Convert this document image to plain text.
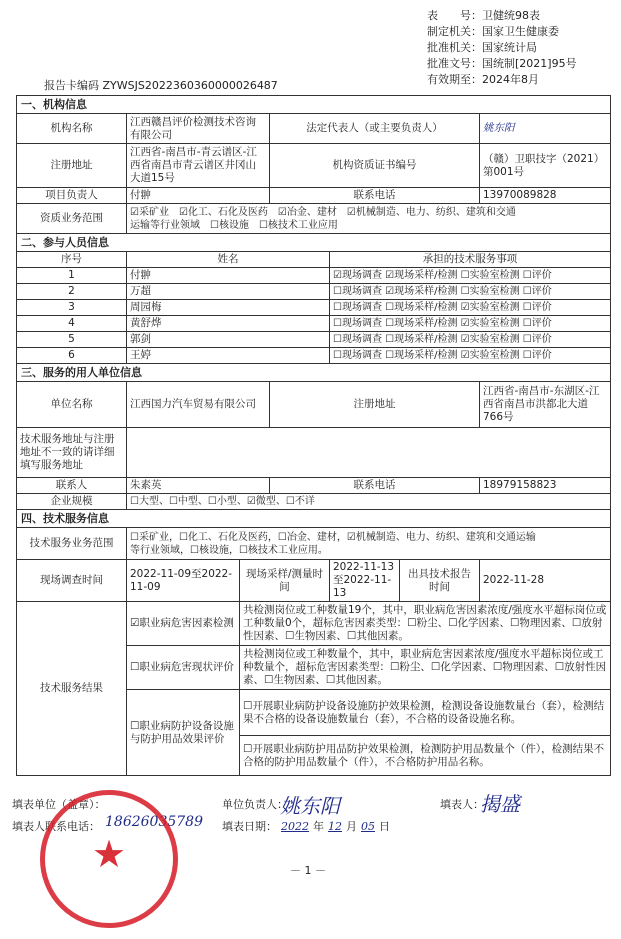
表　　号：卫健统98表
制定机关：国家卫生健康委
批准机关：国家统计局
批准文号：国统制[2021]95号
有效期至：2024年8月
报告卡编码 ZYWSJS2022360360000026487
一、机构信息						
机构名称	江西赣昌评价检测技术咨询有限公司		法定代表人（或主要负责人）			姚东阳
注册地址	江西省-南昌市-青云谱区-江西省南昌市青云谱区井冈山大道15号		机构资质证书编号			（赣）卫职技字（2021）第001号
项目负责人	付翀		联系电话			13970089828
资质业务范围	☑采矿业　☑化工、石化及医药　☑冶金、建材　☑机械制造、电力、纺织、建筑和交通
运输等行业领域　☐核设施　☐核技术工业应用					

二、参与人员信息						
序号	姓名			承担的技术服务事项		
1	付翀			☑现场调查 ☑现场采样/检测 ☐实验室检测 ☐评价		
2	万超			☐现场调查 ☑现场采样/检测 ☐实验室检测 ☐评价		
3	周园梅			☐现场调查 ☐现场采样/检测 ☑实验室检测 ☐评价		
4	黄舒烨			☐现场调查 ☐现场采样/检测 ☑实验室检测 ☐评价		
5	郭剑			☐现场调查 ☐现场采样/检测 ☑实验室检测 ☐评价		
6	王婷			☐现场调查 ☐现场采样/检测 ☑实验室检测 ☐评价		
三、服务的用人单位信息						
单位名称	江西国力汽车贸易有限公司		注册地址			江西省-南昌市-东湖区-江西省南昌市洪都北大道766号
技术服务地址与注册地址不一致的请详细填写服务地址						
联系人	朱素英		联系电话			18979158823
企业规模	☐大型、☐中型、☐小型、☑微型、☐不详					
四、技术服务信息						
技术服务业务范围	☐采矿业，☐化工、石化及医药，☐冶金、建材，☑机械制造、电力、纺织、建筑和交通运输
等行业领域，☐核设施，☐核技术工业应用。					

现场调查时间	2022-11-09至2022-11-09	现场采样/测量时间		2022-11-13至2022-11-13	出具技术报告时间	2022-11-28
技术服务结果	☑职业病危害因素检测	共检测岗位或工种数量19个，其中，职业病危害因素浓度/强度水平超标岗位或工种数量0个，超标危害因素类型：☐粉尘、☐化学因素、☐物理因素、☐放射性因素、☐生物因素、☐其他因素。				
	☐职业病危害现状评价	共检测岗位或工种数量个，其中，职业病危害因素浓度/强度水平超标岗位或工种数量个，超标危害因素类型：☐粉尘、☐化学因素、☐物理因素、☐放射性因素、☐生物因素、☐其他因素。				
	☐职业病防护设备设施与防护用品效果评价	☐开展职业病防护设备设施防护效果检测，检测设备设施数量台（套），检测结果不合格的设备设施数量台（套），不合格的设备设施名称。				
		☐开展职业病防护用品防护效果检测，检测防护用品数量个（件），检测结果不合格的防护用品数量个（件），不合格防护用品名称。				
填表单位（盖章）：	单位负责人：
姚东阳	填表人：
揭盛
填表人联系电话： 18626035789 填表日期： 2022 年 12 月 05 日
★	－ 1 －
